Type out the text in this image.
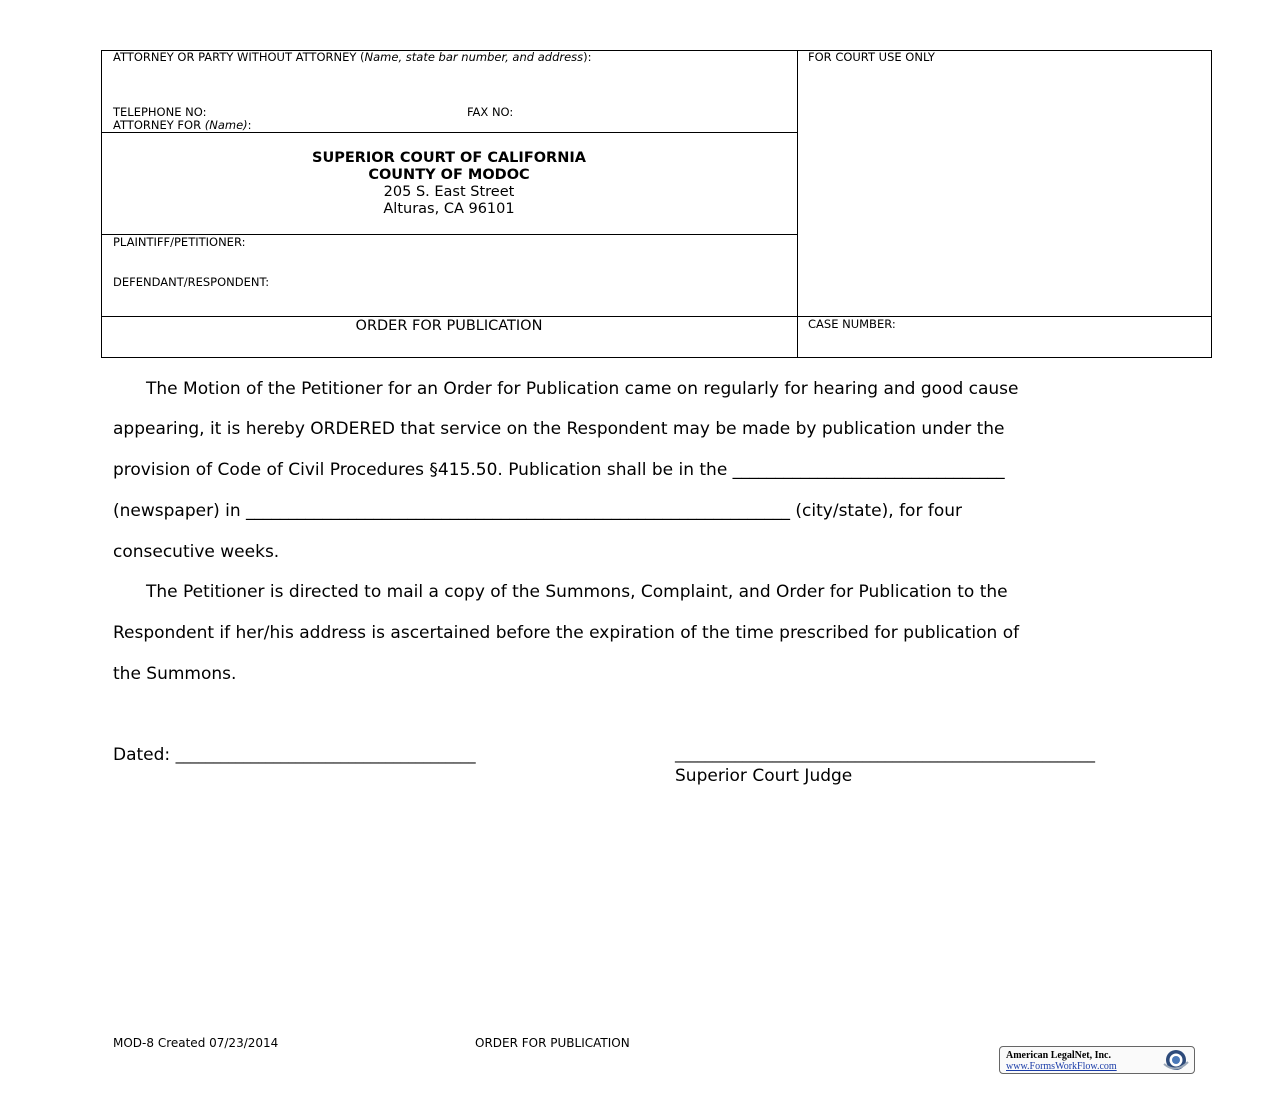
ATTORNEY OR PARTY WITHOUT ATTORNEY (Name, state bar number, and address):	FOR COURT USE ONLY
TELEPHONE NO:	FAX NO:
ATTORNEY FOR (Name):
SUPERIOR COURT OF CALIFORNIA
COUNTY OF MODOC
205 S. East Street
Alturas, CA 96101
PLAINTIFF/PETITIONER:
DEFENDANT/RESPONDENT:
ORDER FOR PUBLICATION	CASE NUMBER:
The Motion of the Petitioner for an Order for Publication came on regularly for hearing and good cause
appearing, it is hereby ORDERED that service on the Respondent may be made by publication under the
provision of Code of Civil Procedures §415.50. Publication shall be in the ________________________________
(newspaper) in ________________________________________________________________ (city/state), for four
consecutive weeks.
The Petitioner is directed to mail a copy of the Summons, Complaint, and Order for Publication to the
Respondent if her/his address is ascertained before the expiration of the time prescribed for publication of
the Summons.
Dated: ________________________________________	________________________________________________________
Superior Court Judge
MOD-8 Created 07/23/2014	ORDER FOR PUBLICATION
American LegalNet, Inc.
www.FormsWorkFlow.com
